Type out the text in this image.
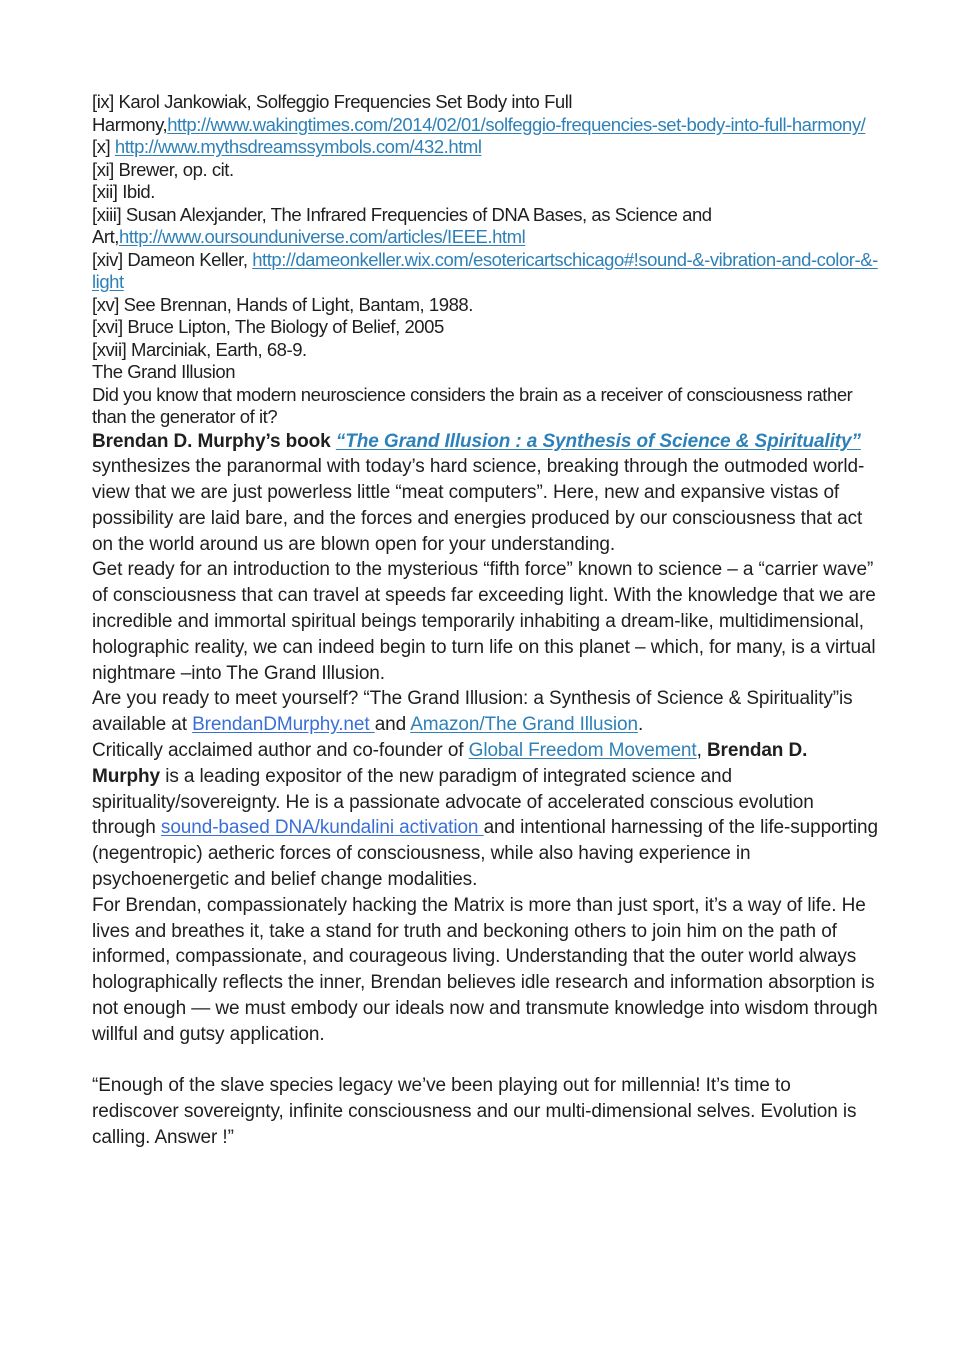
[ix] Karol Jankowiak, Solfeggio Frequencies Set Body into Full Harmony,http://www.wakingtimes.com/2014/02/01/solfeggio-frequencies-set-body-into-full-harmony/

[x] http://www.mythsdreamssymbols.com/432.html

[xi] Brewer, op. cit.

[xii] Ibid.

[xiii] Susan Alexjander, The Infrared Frequencies of DNA Bases, as Science and Art,http://www.oursounduniverse.com/articles/IEEE.html

[xiv] Dameon Keller, http://dameonkeller.wix.com/esotericartschicago#!sound-&-vibration-and-color-&-light

[xv] See Brennan, Hands of Light, Bantam, 1988.

[xvi] Bruce Lipton, The Biology of Belief, 2005

[xvii] Marciniak, Earth, 68-9.

The Grand Illusion

Did you know that modern neuroscience considers the brain as a receiver of consciousness rather than the generator of it?

Brendan D. Murphy’s book “The Grand Illusion : a Synthesis of Science & Spirituality” synthesizes the paranormal with today’s hard science, breaking through the outmoded world-view that we are just powerless little “meat computers”. Here, new and expansive vistas of possibility are laid bare, and the forces and energies produced by our consciousness that act on the world around us are blown open for your understanding.

Get ready for an introduction to the mysterious “fifth force” known to science – a “carrier wave” of consciousness that can travel at speeds far exceeding light. With the knowledge that we are incredible and immortal spiritual beings temporarily inhabiting a dream-like, multidimensional, holographic reality, we can indeed begin to turn life on this planet – which, for many, is a virtual nightmare –into The Grand Illusion.

Are you ready to meet yourself? “The Grand Illusion: a Synthesis of Science & Spirituality”is available at BrendanDMurphy.net and Amazon/The Grand Illusion.

Critically acclaimed author and co-founder of Global Freedom Movement, Brendan D. Murphy is a leading expositor of the new paradigm of integrated science and spirituality/sovereignty. He is a passionate advocate of accelerated conscious evolution through sound-based DNA/kundalini activation and intentional harnessing of the life-supporting (negentropic) aetheric forces of consciousness, while also having experience in psychoenergetic and belief change modalities.

For Brendan, compassionately hacking the Matrix is more than just sport, it’s a way of life. He lives and breathes it, take a stand for truth and beckoning others to join him on the path of informed, compassionate, and courageous living. Understanding that the outer world always holographically reflects the inner, Brendan believes idle research and information absorption is not enough — we must embody our ideals now and transmute knowledge into wisdom through willful and gutsy application.

“Enough of the slave species legacy we’ve been playing out for millennia! It’s time to rediscover sovereignty, infinite consciousness and our multi-dimensional selves. Evolution is calling. Answer !”
